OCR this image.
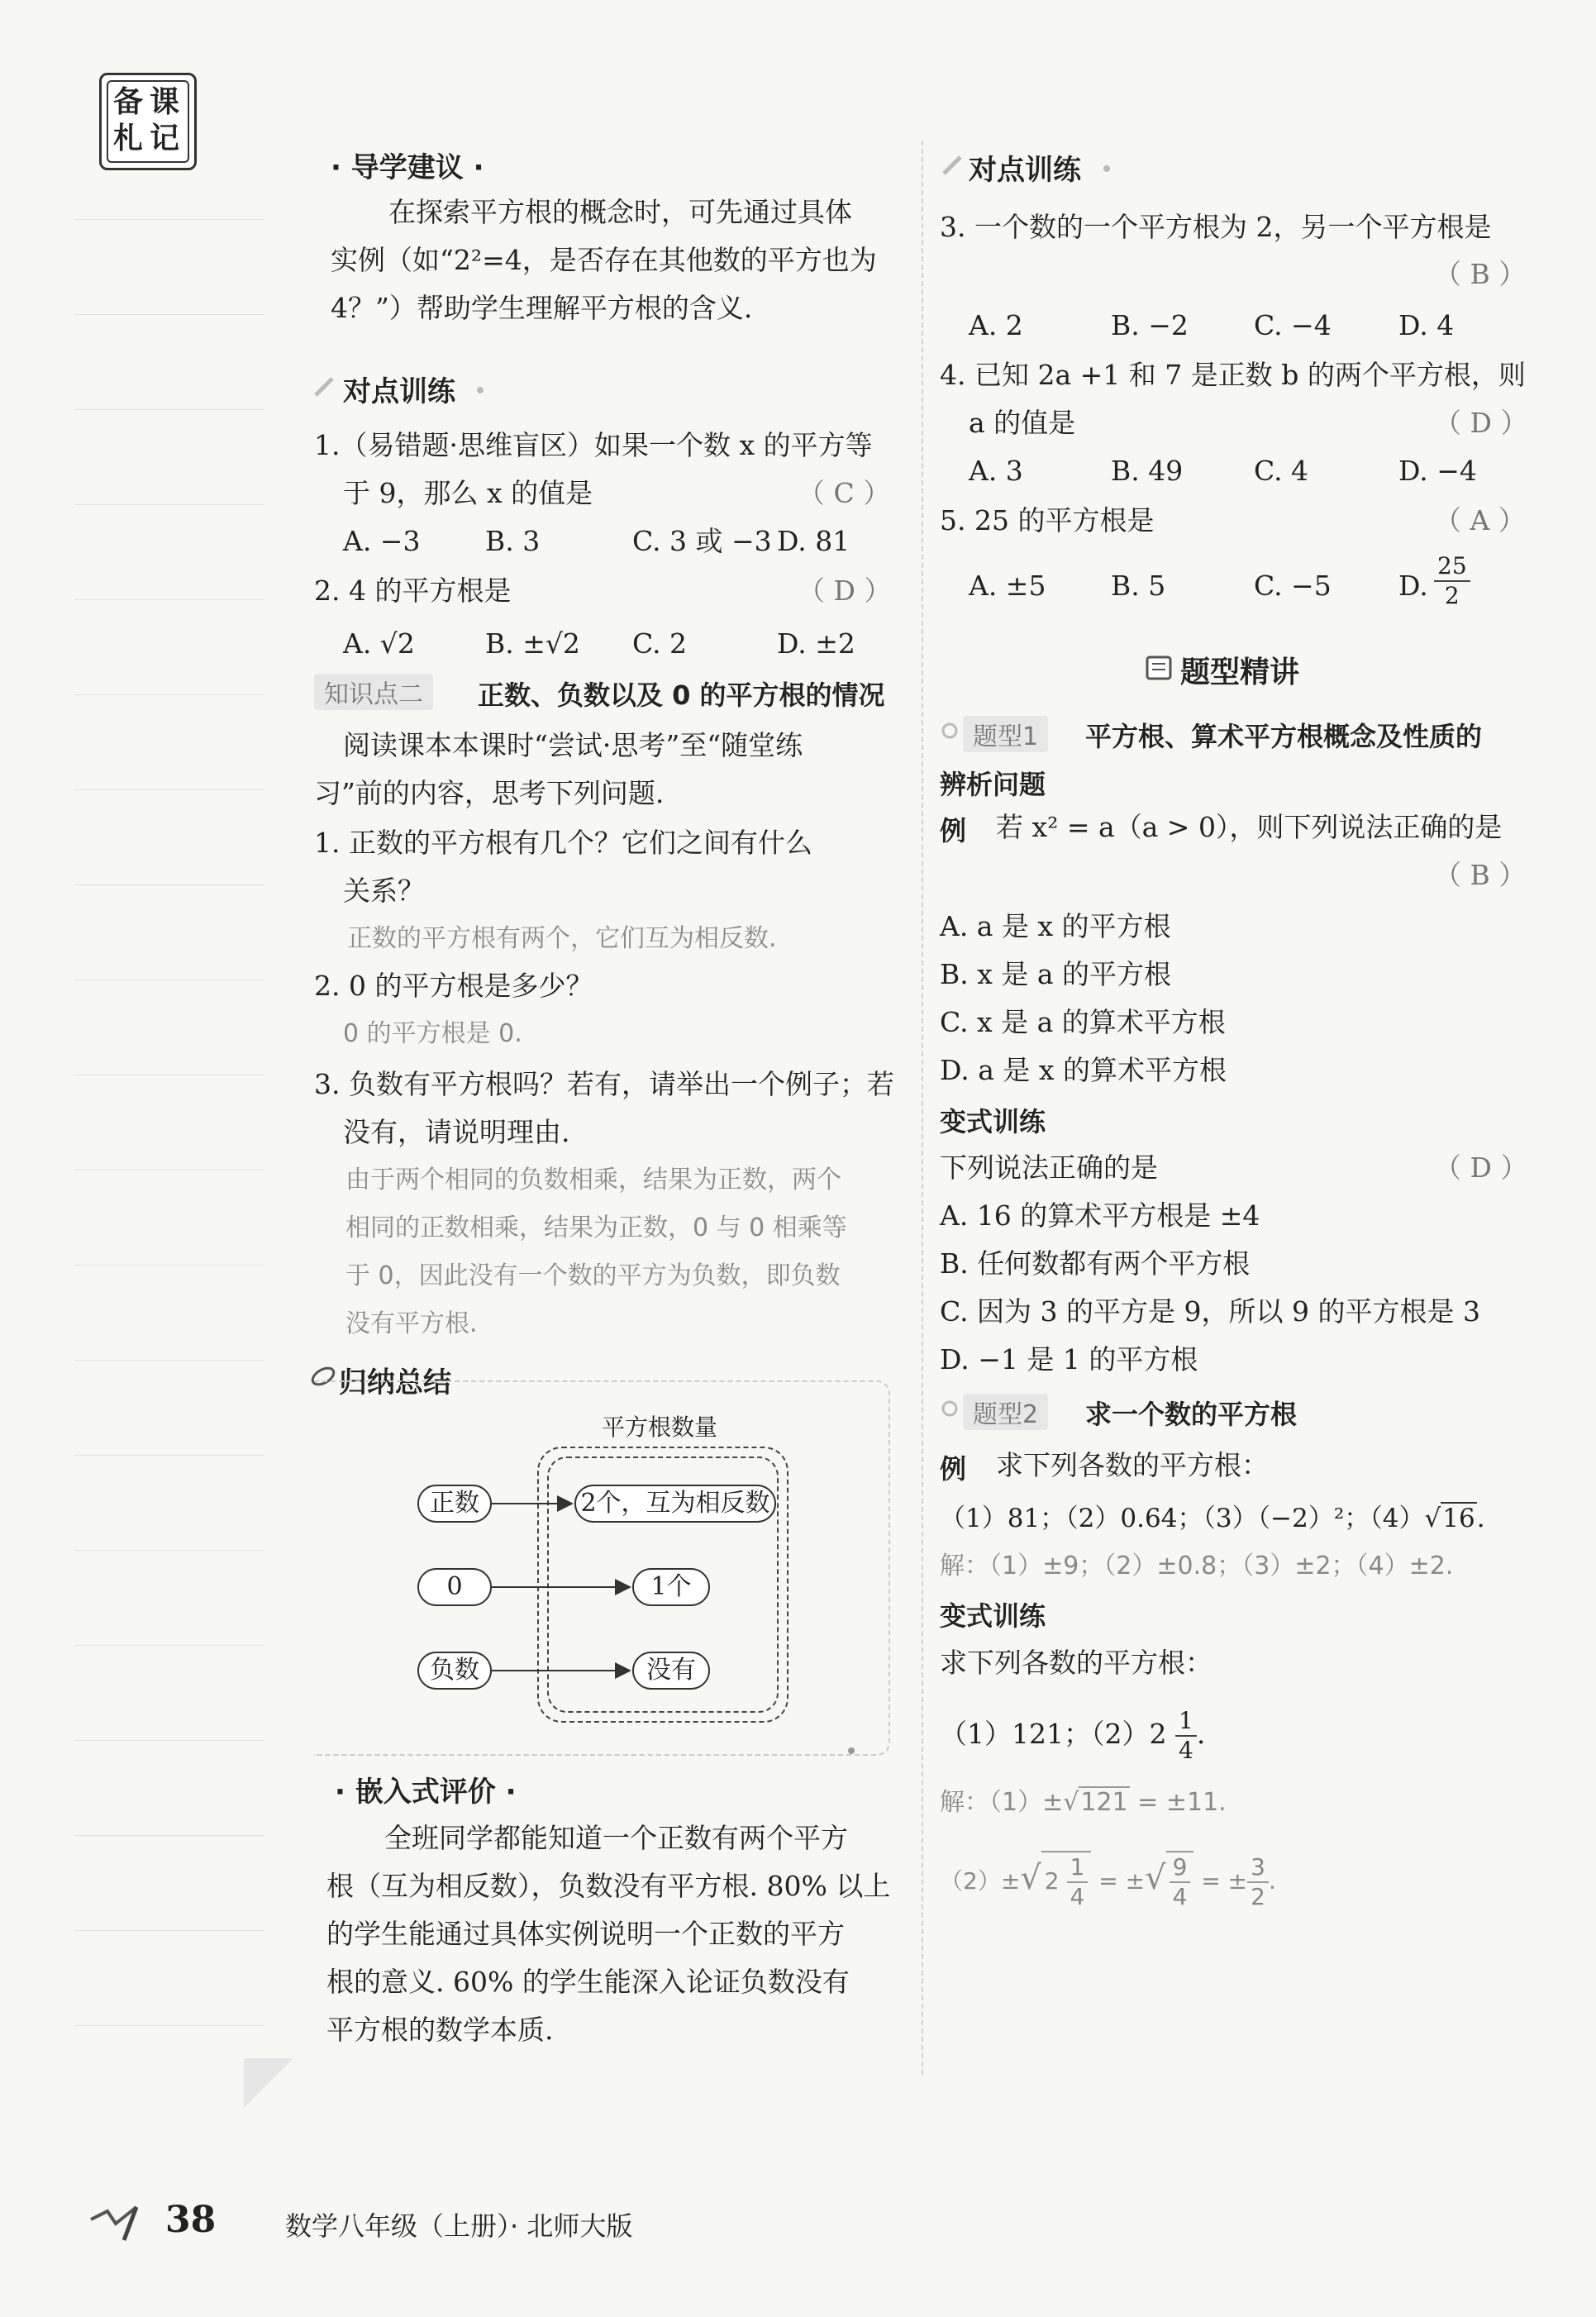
备 课
札 记
· 导学建议 ·
在探索平方根的概念时，可先通过具体
实例（如“2²=4，是否存在其他数的平方也为
4？”）帮助学生理解平方根的含义.
对点训练
1.（易错题·思维盲区）如果一个数 x 的平方等
于 9，那么 x 的值是	（ C ）
A. −3 B. 3	C. 3 或 −3 D. 81
2. 4 的平方根是	（ D ）
A. √2	B. ±√2 C. 2	D. ±2
知识点二	正数、负数以及 0 的平方根的情况
阅读课本本课时“尝试·思考”至“随堂练
习”前的内容，思考下列问题.
1. 正数的平方根有几个？它们之间有什么
关系？
正数的平方根有两个，它们互为相反数.
2. 0 的平方根是多少？
0 的平方根是 0.
3. 负数有平方根吗？若有，请举出一个例子；若
没有，请说明理由.
由于两个相同的负数相乘，结果为正数，两个
相同的正数相乘，结果为正数，0 与 0 相乘等
于 0，因此没有一个数的平方为负数，即负数
没有平方根.
归纳总结
平方根数量
正数
0
负数
2个，互为相反数
1个
没有
· 嵌入式评价 ·
全班同学都能知道一个正数有两个平方
根（互为相反数），负数没有平方根. 80% 以上
的学生能通过具体实例说明一个正数的平方
根的意义. 60% 的学生能深入论证负数没有
平方根的数学本质.
对点训练
3. 一个数的一个平方根为 2，另一个平方根是
（ B ）
A. 2	B. −2 C. −4 D. 4
4. 已知 2a +1 和 7 是正数 b 的两个平方根，则
a 的值是	（ D ）
A. 3	B. 49	C. 4	D. −4
5. 25 的平方根是	（ A ）
A. ±5 B. 5	C. −5 D. $\frac{25}{2}$
题型精讲
题型1	平方根、算术平方根概念及性质的
辨析问题
例 若 x² = a（a > 0），则下列说法正确的是
（ B ）
A. a 是 x 的平方根
B. x 是 a 的平方根
C. x 是 a 的算术平方根
D. a 是 x 的算术平方根
变式训练
下列说法正确的是	（ D ）
A. 16 的算术平方根是 ±4
B. 任何数都有两个平方根
C. 因为 3 的平方是 9，所以 9 的平方根是 3
D. −1 是 1 的平方根
题型2	求一个数的平方根
例 求下列各数的平方根：
（1）81；（2）0.64；（3）（−2）²；（4）√16.
解：（1）±9；（2）±0.8；（3）±2；（4）±2.
变式训练
求下列各数的平方根：
（1）121；$(2)2 \frac{1}{4}$ .
解：（1）±√121 = ±11.
（2）±√ $2 \frac{1}{4}$ = ±√ $\frac{9}{4}$ = ± $\frac{3}{2}$ .
38	数学八年级（上册）· 北师大版
